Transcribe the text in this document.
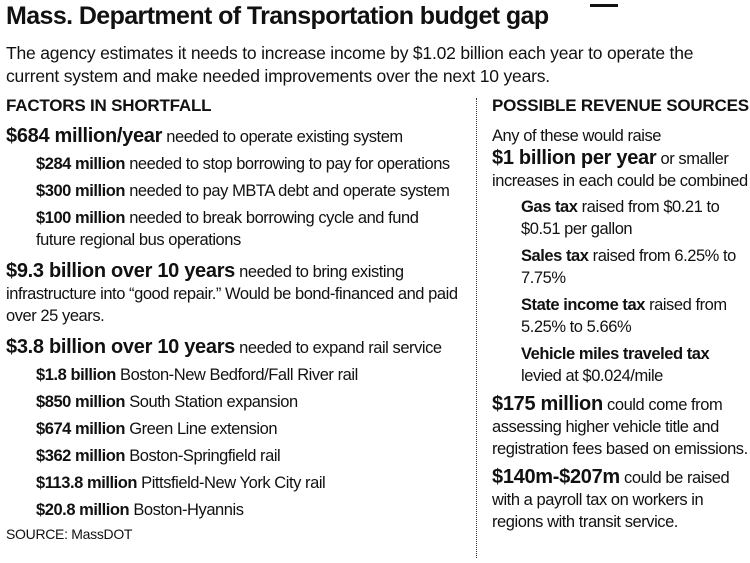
Mass. Department of Transportation budget gap
The agency estimates it needs to increase income by $1.02 billion each year to operate the current system and make needed improvements over the next 10 years.
FACTORS IN SHORTFALL
$684 million/year needed to operate existing system
$284 million needed to stop borrowing to pay for operations
$300 million needed to pay MBTA debt and operate system
$100 million needed to break borrowing cycle and fund future regional bus operations
$9.3 billion over 10 years needed to bring existing infrastructure into “good repair.” Would be bond-financed and paid over 25 years.
$3.8 billion over 10 years needed to expand rail service
$1.8 billion Boston-New Bedford/Fall River rail
$850 million South Station expansion
$674 million Green Line extension
$362 million Boston-Springfield rail
$113.8 million Pittsfield-New York City rail
$20.8 million Boston-Hyannis
SOURCE: MassDOT
POSSIBLE REVENUE SOURCES
Any of these would raise
$1 billion per year or smaller increases in each could be combined
Gas tax raised from $0.21 to $0.51 per gallon
Sales tax raised from 6.25% to 7.75%
State income tax raised from 5.25% to 5.66%
Vehicle miles traveled tax levied at $0.024/mile
$175 million could come from assessing higher vehicle title and registration fees based on emissions.
$140m-$207m could be raised with a payroll tax on workers in regions with transit service.
